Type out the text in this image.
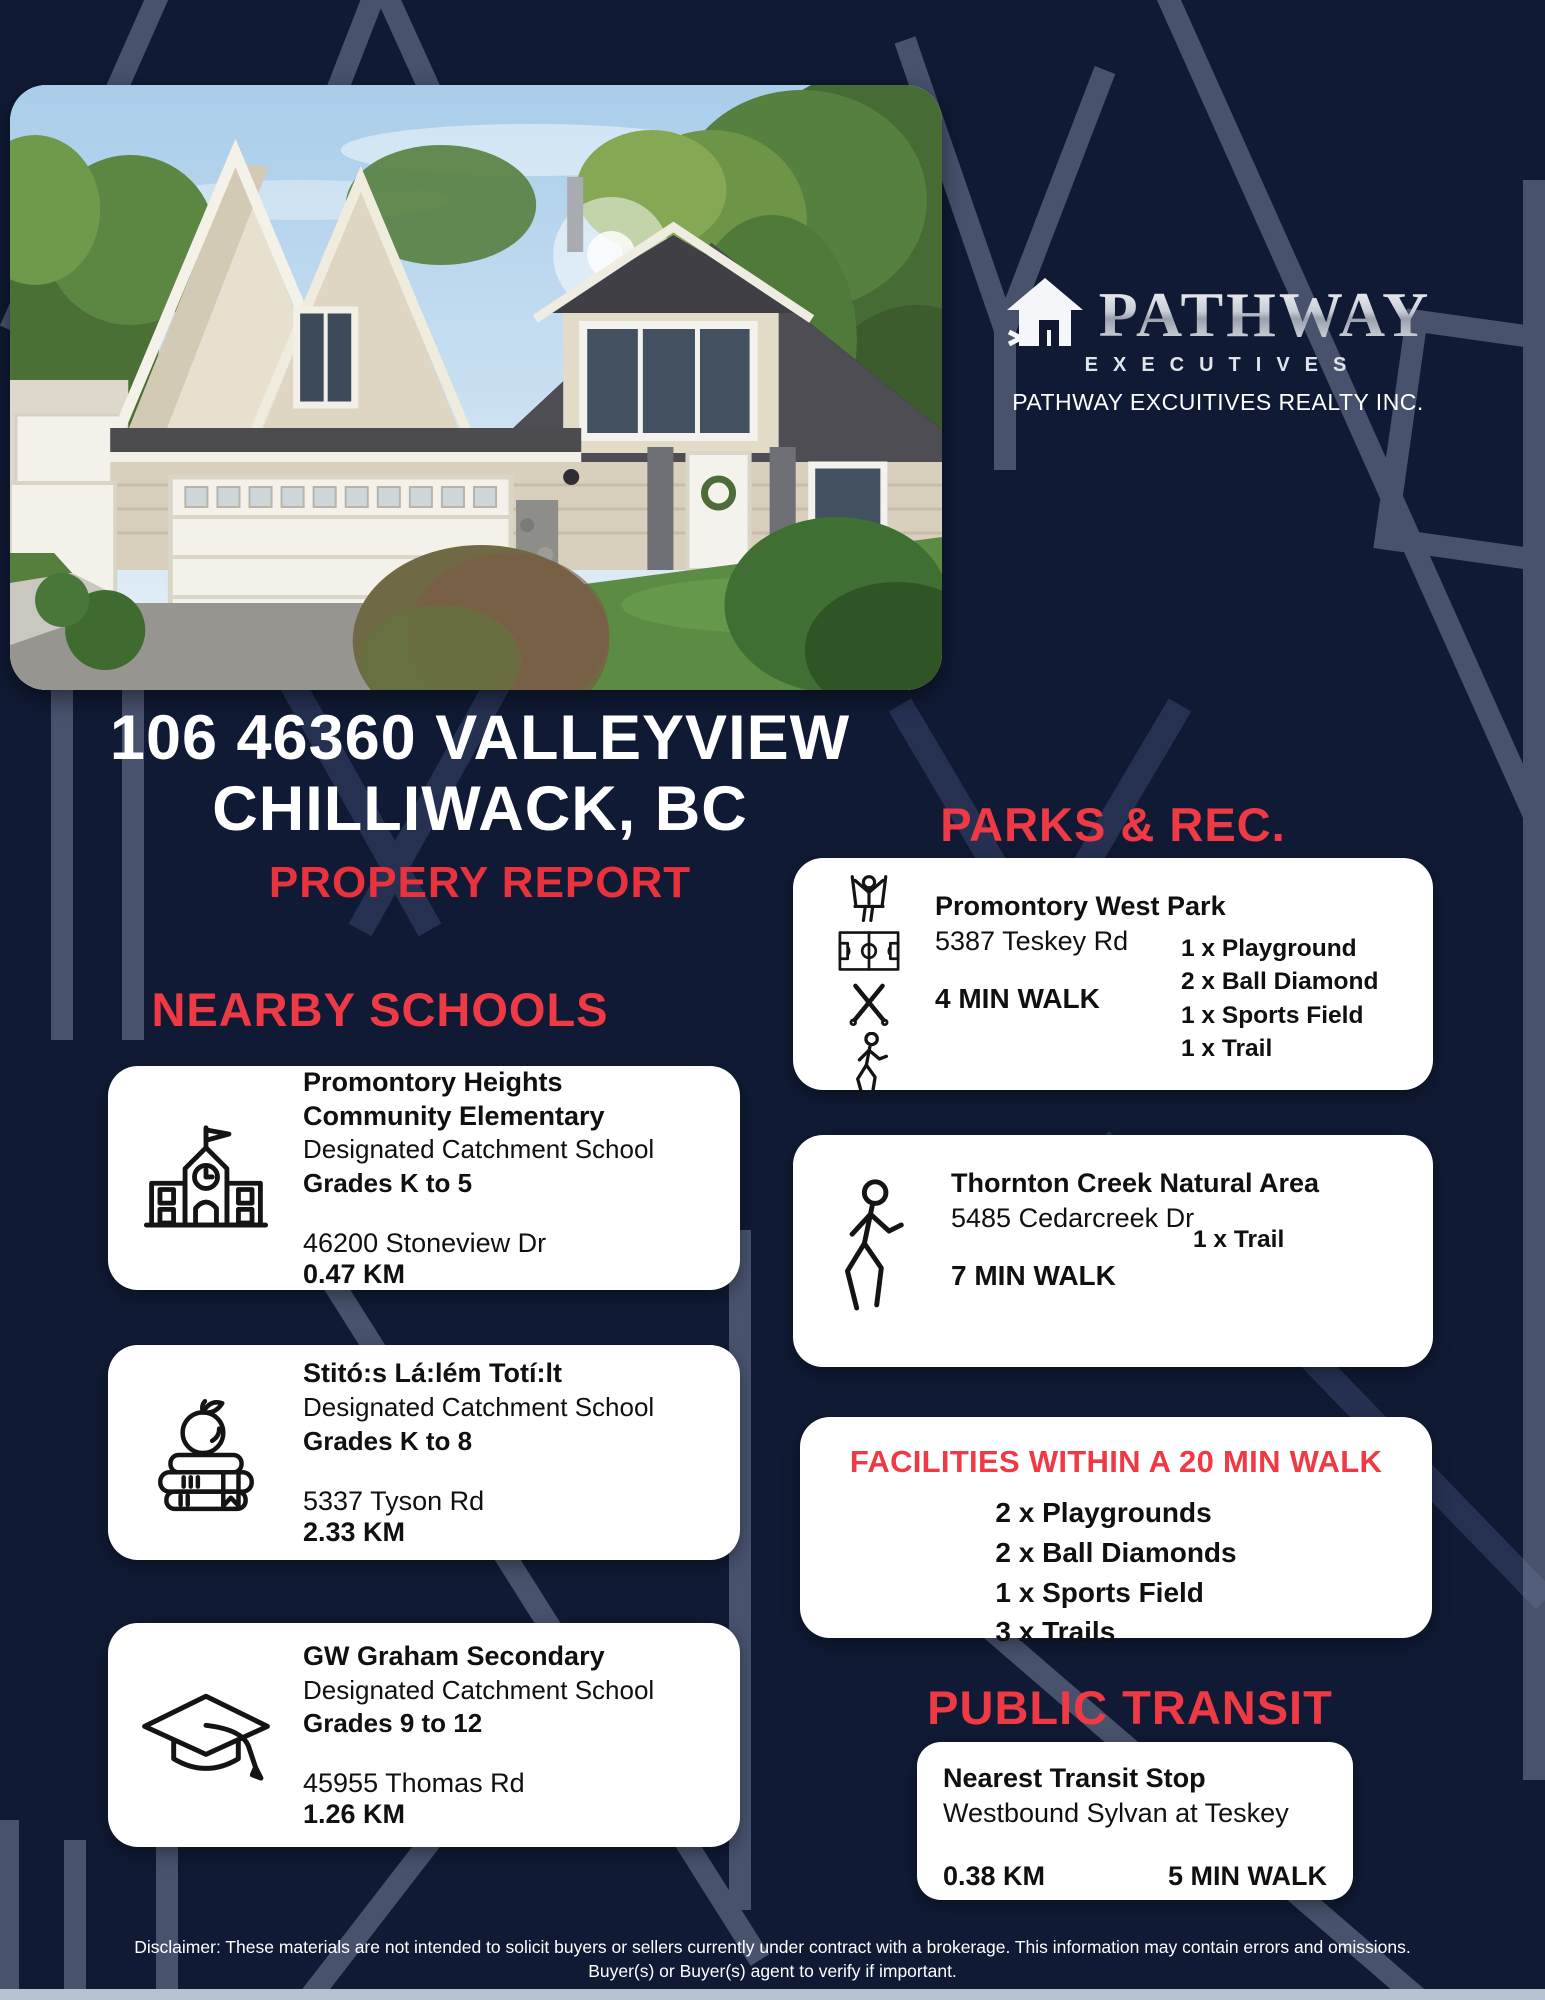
PATHWAY
EXECUTIVES
PATHWAY EXCUITIVES REALTY INC.
106 46360 VALLEYVIEW
CHILLIWACK, BC
PROPERY REPORT
PARKS & REC.
Promontory West Park
5387 Teskey Rd
4 MIN WALK
1 x Playground
2 x Ball Diamond
1 x Sports Field
1 x Trail
NEARBY SCHOOLS
Promontory Heights Community Elementary
Designated Catchment School
Grades K to 5
46200 Stoneview Dr
0.47 KM
Thornton Creek Natural Area
5485 Cedarcreek Dr
7 MIN WALK
1 x Trail
Stitó:s Lá:lém Totí:lt
Designated Catchment School
Grades K to 8
5337 Tyson Rd
2.33 KM
FACILITIES WITHIN A 20 MIN WALK
2 x Playgrounds
2 x Ball Diamonds
1 x Sports Field
3 x Trails
GW Graham Secondary
Designated Catchment School
Grades 9 to 12
45955 Thomas Rd
1.26 KM
PUBLIC TRANSIT
Nearest Transit Stop
Westbound Sylvan at Teskey
0.38 KM	5 MIN WALK
Disclaimer: These materials are not intended to solicit buyers or sellers currently under contract with a brokerage. This information may contain errors and omissions.
Buyer(s) or Buyer(s) agent to verify if important.
